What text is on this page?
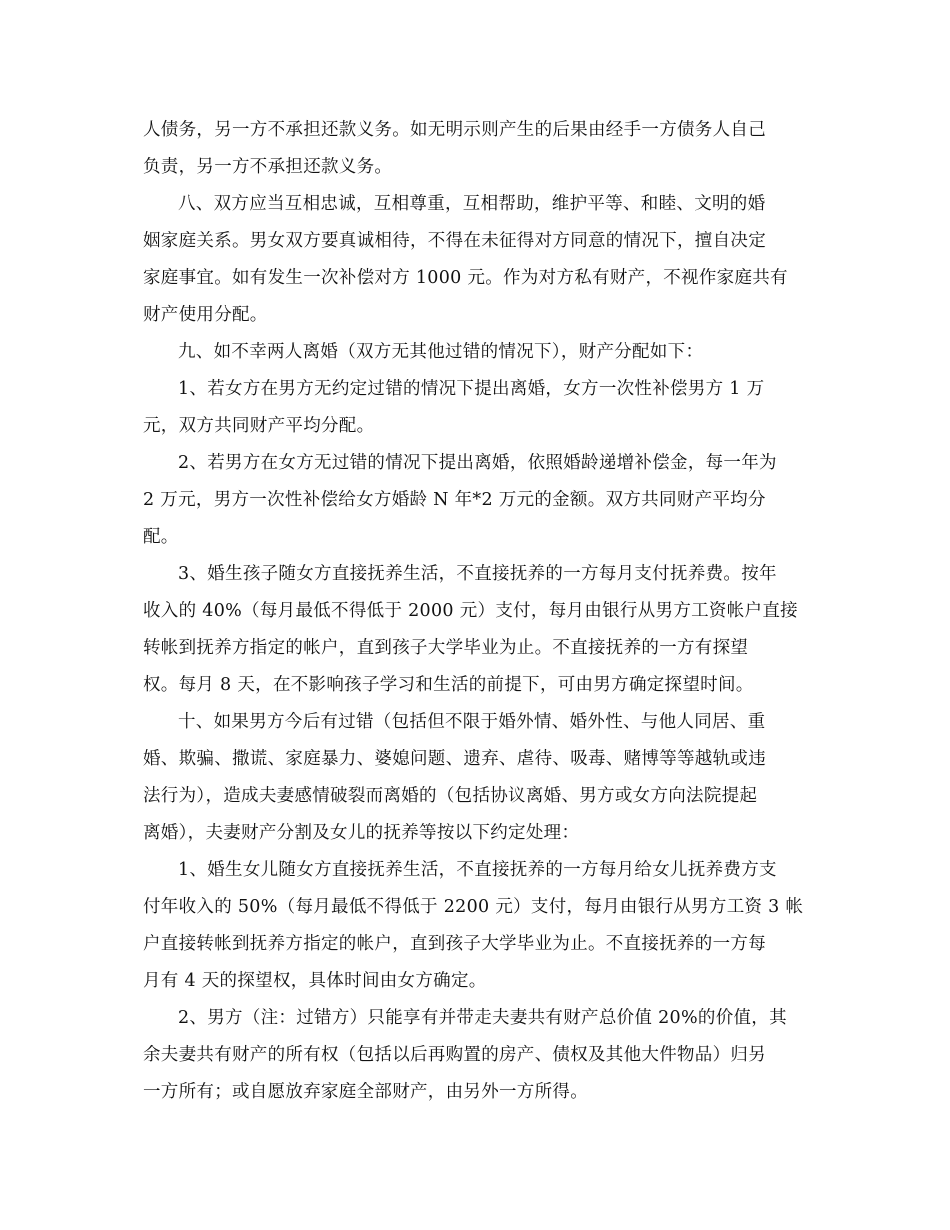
人债务，另一方不承担还款义务。如无明示则产生的后果由经手一方债务人自己
负责，另一方不承担还款义务。
八、双方应当互相忠诚，互相尊重，互相帮助，维护平等、和睦、文明的婚
姻家庭关系。男女双方要真诚相待，不得在未征得对方同意的情况下，擅自决定
家庭事宜。如有发生一次补偿对方 1000 元。作为对方私有财产，不视作家庭共有
财产使用分配。
九、如不幸两人离婚（双方无其他过错的情况下），财产分配如下：
1、若女方在男方无约定过错的情况下提出离婚，女方一次性补偿男方 1 万
元，双方共同财产平均分配。
2、若男方在女方无过错的情况下提出离婚，依照婚龄递增补偿金，每一年为
2 万元，男方一次性补偿给女方婚龄 N 年*2 万元的金额。双方共同财产平均分
配。
3、婚生孩子随女方直接抚养生活，不直接抚养的一方每月支付抚养费。按年
收入的 40%（每月最低不得低于 2000 元）支付，每月由银行从男方工资帐户直接
转帐到抚养方指定的帐户，直到孩子大学毕业为止。不直接抚养的一方有探望
权。每月 8 天，在不影响孩子学习和生活的前提下，可由男方确定探望时间。
十、如果男方今后有过错（包括但不限于婚外情、婚外性、与他人同居、重
婚、欺骗、撒谎、家庭暴力、婆媳问题、遗弃、虐待、吸毒、赌博等等越轨或违
法行为），造成夫妻感情破裂而离婚的（包括协议离婚、男方或女方向法院提起
离婚），夫妻财产分割及女儿的抚养等按以下约定处理：
1、婚生女儿随女方直接抚养生活，不直接抚养的一方每月给女儿抚养费方支
付年收入的 50%（每月最低不得低于 2200 元）支付，每月由银行从男方工资 3 帐
户直接转帐到抚养方指定的帐户，直到孩子大学毕业为止。不直接抚养的一方每
月有 4 天的探望权，具体时间由女方确定。
2、男方（注：过错方）只能享有并带走夫妻共有财产总价值 20%的价值，其
余夫妻共有财产的所有权（包括以后再购置的房产、债权及其他大件物品）归另
一方所有；或自愿放弃家庭全部财产，由另外一方所得。
